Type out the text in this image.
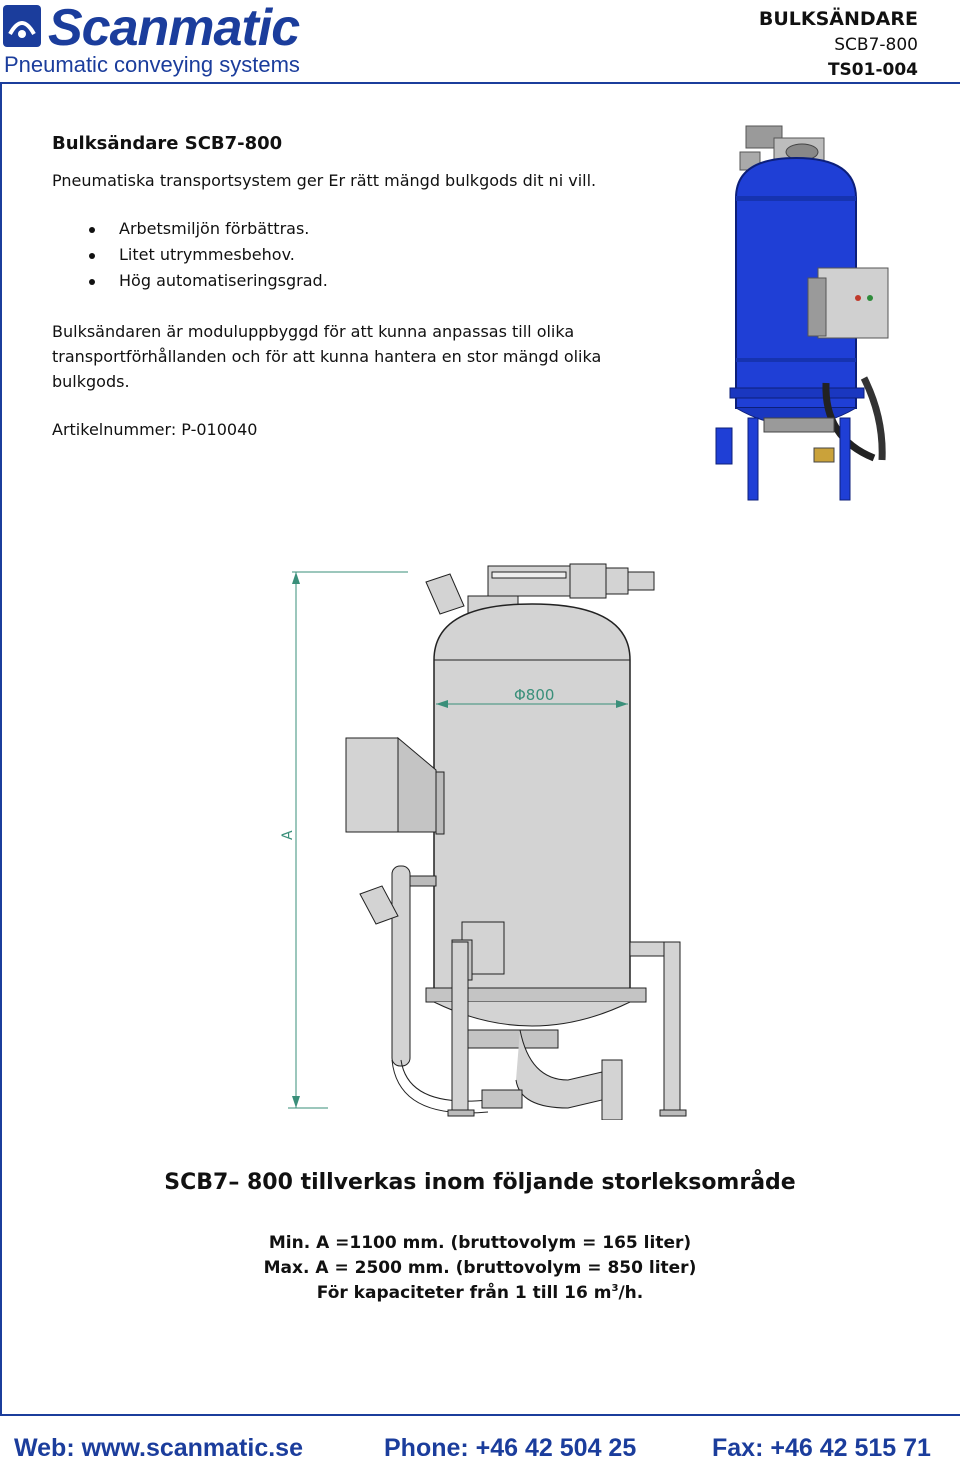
Scanmatic
Pneumatic conveying systems
BULKSÄNDARE
SCB7-800
TS01-004
Bulksändare SCB7-800
Pneumatiska transportsystem ger Er rätt mängd bulkgods dit ni vill.
Arbetsmiljön förbättras.
Litet utrymmesbehov.
Hög automatiseringsgrad.
Bulksändaren är moduluppbyggd för att kunna anpassas till olika transportförhållanden och för att kunna hantera en stor mängd olika bulkgods.
Artikelnummer: P-010040
A
Φ800
SCB7– 800 tillverkas inom följande storleksområde
Min. A =1100 mm. (bruttovolym = 165 liter)
Max. A = 2500 mm. (bruttovolym = 850 liter)
För kapaciteter från 1 till 16 $m^3/h$.
Web: www.scanmatic.se	Phone: +46 42 504 25	Fax: +46 42 515 71
